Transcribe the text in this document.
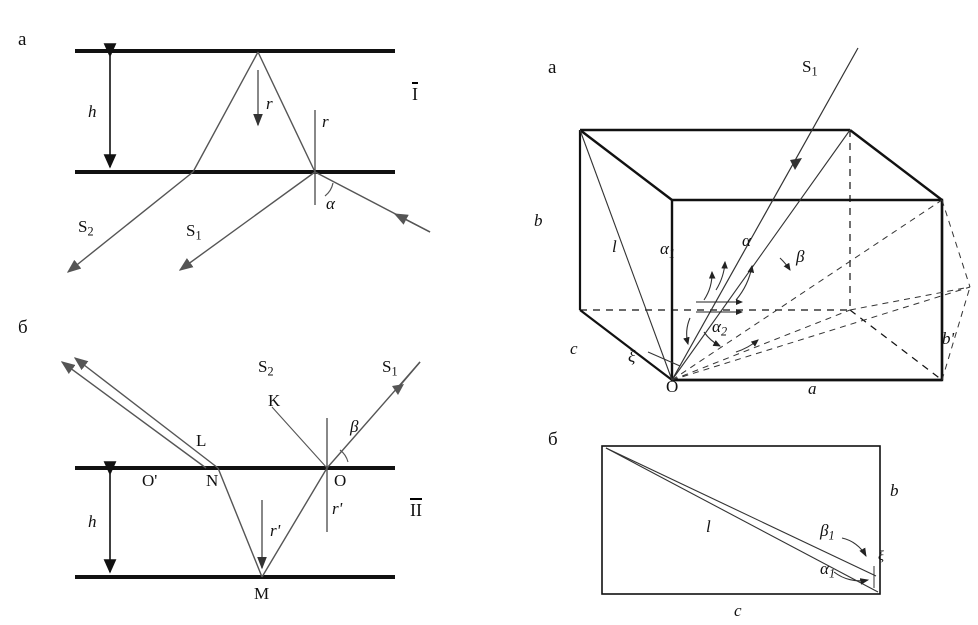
а
h	r
r
α
$S_2$	$S_1$
I
б
$S_2$	$S_1$
K
L
β
O'	N	O
h	r'
r'
M
II
а	$S_1$
b
b'
c
l
O	a
$\alpha_1$
α
β
$\alpha_2$
ξ
б
b
l	$\beta_1$
$\alpha_1$
ξ
c
